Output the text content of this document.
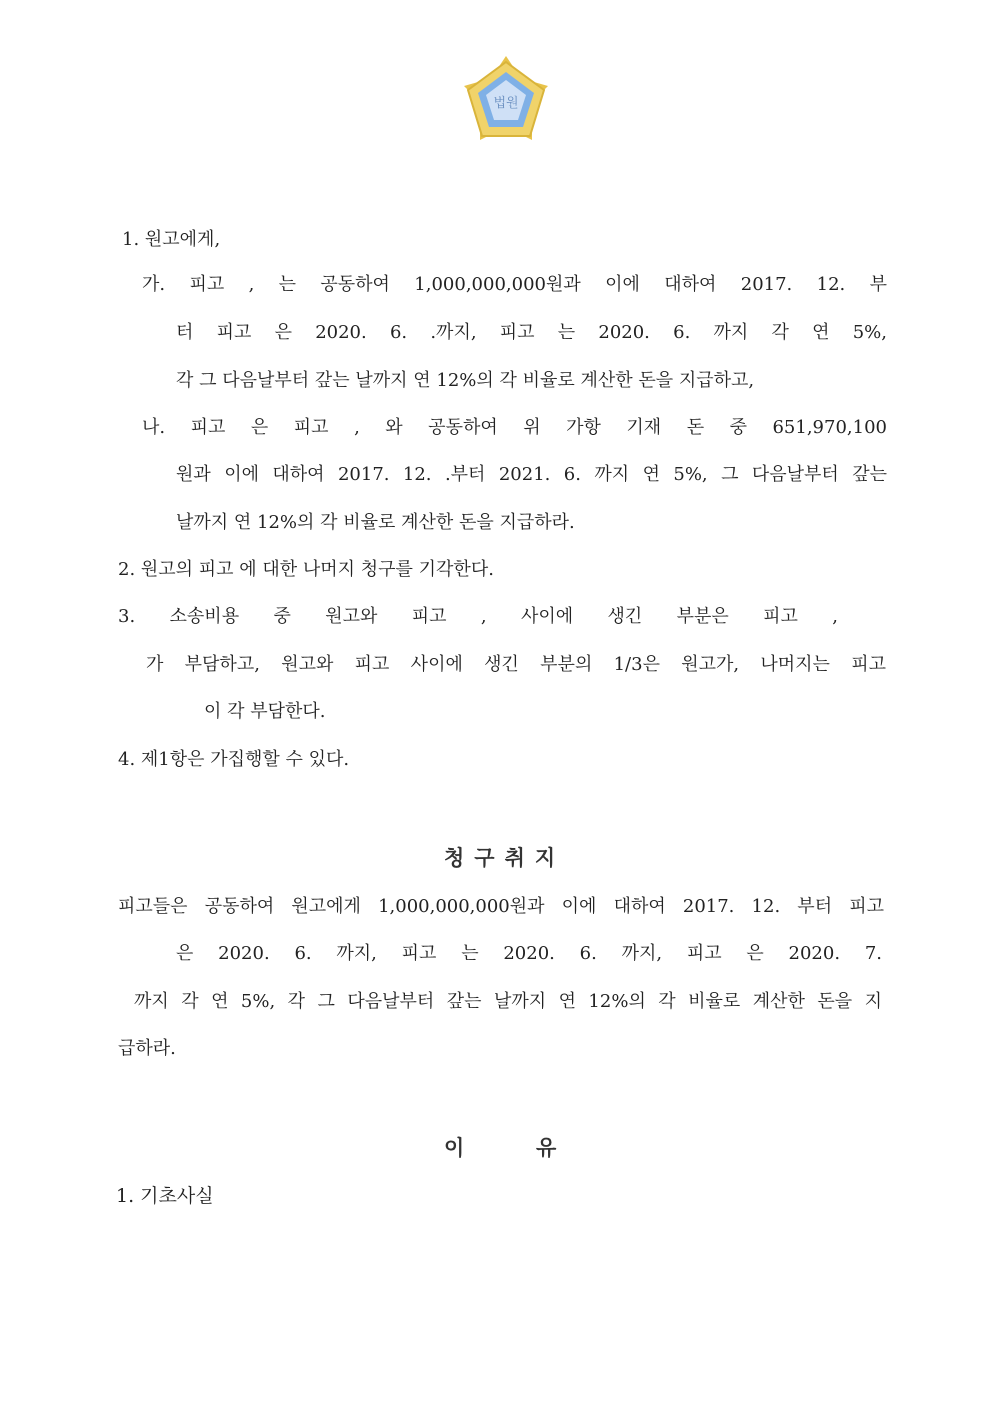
법원
1. 원고에게,
가. 피고 , 는 공동하여 1,000,000,000원과 이에 대하여 2017. 12. 부
터 피고 은 2020. 6. .까지, 피고 는 2020. 6. 까지 각 연 5%,
각 그 다음날부터 갚는 날까지 연 12%의 각 비율로 계산한 돈을 지급하고,
나. 피고 은 피고 , 와 공동하여 위 가항 기재 돈 중 651,970,100
원과 이에 대하여 2017. 12. .부터 2021. 6. 까지 연 5%, 그 다음날부터 갚는
날까지 연 12%의 각 비율로 계산한 돈을 지급하라.
2. 원고의 피고 에 대한 나머지 청구를 기각한다.
3. 소송비용 중 원고와 피고 , 사이에 생긴 부분은 피고 ,
가 부담하고, 원고와 피고 사이에 생긴 부분의 1/3은 원고가, 나머지는 피고
이 각 부담한다.
4. 제1항은 가집행할 수 있다.
청구취지
피고들은 공동하여 원고에게 1,000,000,000원과 이에 대하여 2017. 12. 부터 피고
은 2020. 6. 까지, 피고 는 2020. 6. 까지, 피고 은 2020. 7.
까지 각 연 5%, 각 그 다음날부터 갚는 날까지 연 12%의 각 비율로 계산한 돈을 지
급하라.
이	유
1. 기초사실
